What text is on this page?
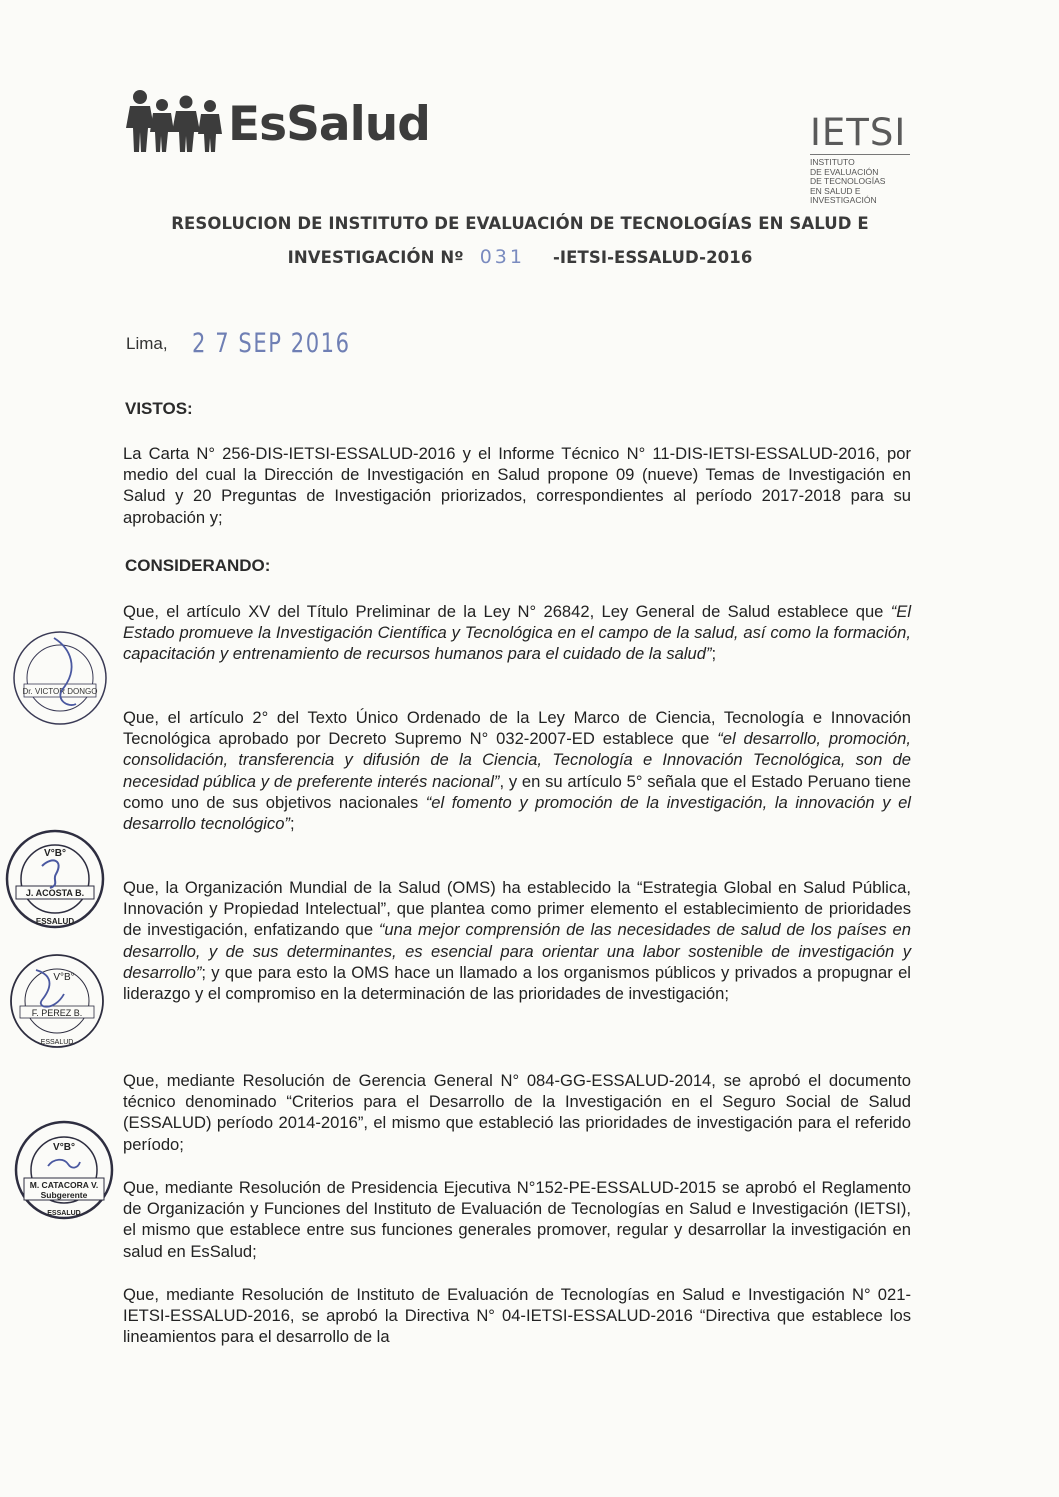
EsSalud	IETSI
INSTITUTO
DE EVALUACIÓN
DE TECNOLOGÍAS
EN SALUD E
INVESTIGACIÓN
RESOLUCION DE INSTITUTO DE EVALUACIÓN DE TECNOLOGÍAS EN SALUD E
INVESTIGACIÓN Nº 031 -IETSI-ESSALUD-2016
Lima, 2 7 SEP 2016
VISTOS:
La Carta N° 256-DIS-IETSI-ESSALUD-2016 y el Informe Técnico N° 11-DIS-IETSI-ESSALUD-2016, por medio del cual la Dirección de Investigación en Salud propone 09 (nueve) Temas de Investigación en Salud y 20 Preguntas de Investigación priorizados, correspondientes al período 2017-2018 para su aprobación y;
CONSIDERANDO:
Que, el artículo XV del Título Preliminar de la Ley N° 26842, Ley General de Salud establece que “El Estado promueve la Investigación Científica y Tecnológica en el campo de la salud, así como la formación, capacitación y entrenamiento de recursos humanos para el cuidado de la salud”;
Que, el artículo 2° del Texto Único Ordenado de la Ley Marco de Ciencia, Tecnología e Innovación Tecnológica aprobado por Decreto Supremo N° 032-2007-ED establece que “el desarrollo, promoción, consolidación, transferencia y difusión de la Ciencia, Tecnología e Innovación Tecnológica, son de necesidad pública y de preferente interés nacional”, y en su artículo 5° señala que el Estado Peruano tiene como uno de sus objetivos nacionales “el fomento y promoción de la investigación, la innovación y el desarrollo tecnológico”;
Que, la Organización Mundial de la Salud (OMS) ha establecido la “Estrategia Global en Salud Pública, Innovación y Propiedad Intelectual”, que plantea como primer elemento el establecimiento de prioridades de investigación, enfatizando que “una mejor comprensión de las necesidades de salud de los países en desarrollo, y de sus determinantes, es esencial para orientar una labor sostenible de investigación y desarrollo”; y que para esto la OMS hace un llamado a los organismos públicos y privados a propugnar el liderazgo y el compromiso en la determinación de las prioridades de investigación;
Que, mediante Resolución de Gerencia General N° 084-GG-ESSALUD-2014, se aprobó el documento técnico denominado “Criterios para el Desarrollo de la Investigación en el Seguro Social de Salud (ESSALUD) período 2014-2016”, el mismo que estableció las prioridades de investigación para el referido período;
Que, mediante Resolución de Presidencia Ejecutiva N°152-PE-ESSALUD-2015 se aprobó el Reglamento de Organización y Funciones del Instituto de Evaluación de Tecnologías en Salud e Investigación (IETSI), el mismo que establece entre sus funciones generales promover, regular y desarrollar la investigación en salud en EsSalud;
Que, mediante Resolución de Instituto de Evaluación de Tecnologías en Salud e Investigación N° 021-IETSI-ESSALUD-2016, se aprobó la Directiva N° 04-IETSI-ESSALUD-2016 “Directiva que establece los lineamientos para el desarrollo de la
Dr. VICTOR DONGO
V°B°
J. ACOSTA B.
ESSALUD
V°B°
F. PEREZ B.
ESSALUD
V°B°
M. CATACORA V.
Subgerente
ESSALUD
